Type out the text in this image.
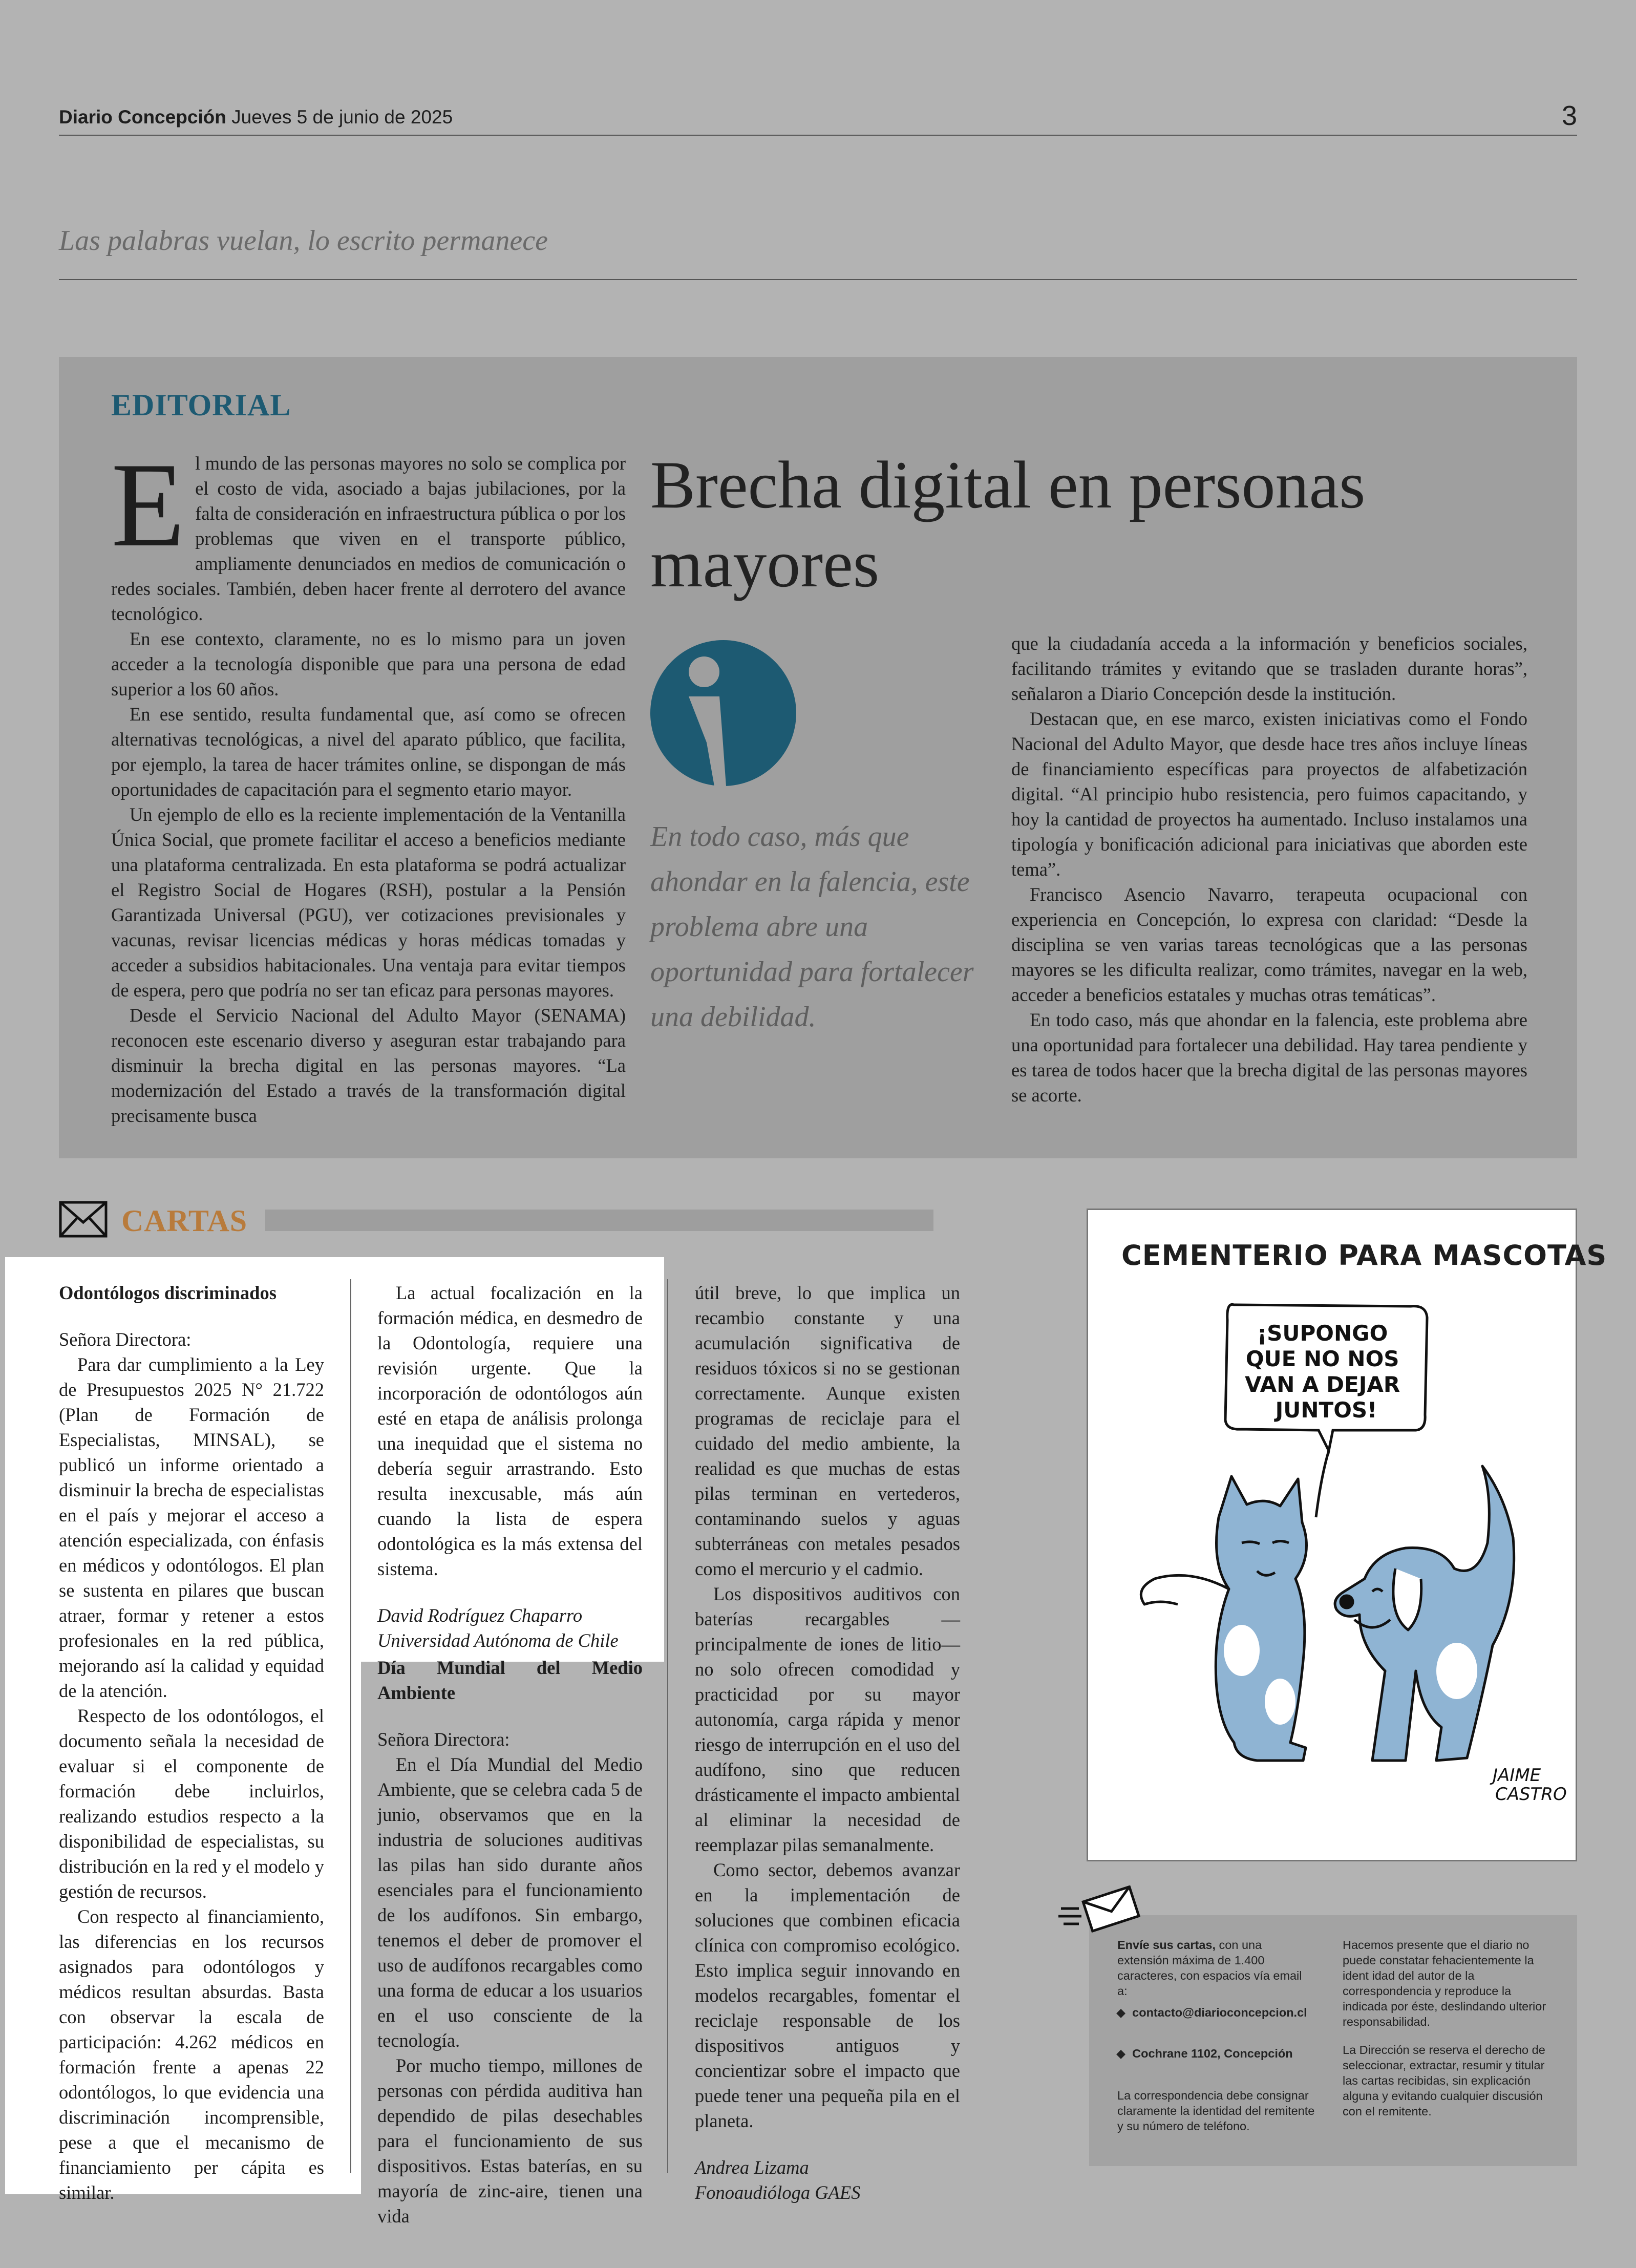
Diario Concepción Jueves 5 de junio de 2025	3
Las palabras vuelan, lo escrito permanece
EDITORIAL
E l mundo de las personas mayores no solo se complica por el costo de vida, asociado a bajas jubilaciones, por la falta de consideración en infraestructura pública o por los problemas que viven en el transporte público, ampliamente denunciados en medios de comunicación o redes sociales. También, deben hacer frente al derrotero del avance tecnológico.

En ese contexto, claramente, no es lo mismo para un joven acceder a la tecnología disponible que para una persona de edad superior a los 60 años.

En ese sentido, resulta fundamental que, así como se ofrecen alternativas tecnológicas, a nivel del aparato público, que facilita, por ejemplo, la tarea de hacer trámites online, se dispongan de más oportunidades de capacitación para el segmento etario mayor.

Un ejemplo de ello es la reciente implementación de la Ventanilla Única Social, que promete facilitar el acceso a beneficios mediante una plataforma centralizada. En esta plataforma se podrá actualizar el Registro Social de Hogares (RSH), postular a la Pensión Garantizada Universal (PGU), ver cotizaciones previsionales y vacunas, revisar licencias médicas y horas médicas tomadas y acceder a subsidios habitacionales. Una ventaja para evitar tiempos de espera, pero que podría no ser tan eficaz para personas mayores.

Desde el Servicio Nacional del Adulto Mayor (SENAMA) reconocen este escenario diverso y aseguran estar trabajando para disminuir la brecha digital en las personas mayores. “La modernización del Estado a través de la transformación digital precisamente busca

Brecha digital en personas mayores
En todo caso, más que ahondar en la falencia, este problema abre una oportunidad para fortalecer una debilidad.

que la ciudadanía acceda a la información y beneficios sociales, facilitando trámites y evitando que se trasladen durante horas”, señalaron a Diario Concepción desde la institución.

Destacan que, en ese marco, existen iniciativas como el Fondo Nacional del Adulto Mayor, que desde hace tres años incluye líneas de financiamiento específicas para proyectos de alfabetización digital. “Al principio hubo resistencia, pero fuimos capacitando, y hoy la cantidad de proyectos ha aumentado. Incluso instalamos una tipología y bonificación adicional para iniciativas que aborden este tema”.

Francisco Asencio Navarro, terapeuta ocupacional con experiencia en Concepción, lo expresa con claridad: “Desde la disciplina se ven varias tareas tecnológicas que a las personas mayores se les dificulta realizar, como trámites, navegar en la web, acceder a beneficios estatales y muchas otras temáticas”.

En todo caso, más que ahondar en la falencia, este problema abre una oportunidad para fortalecer una debilidad. Hay tarea pendiente y es tarea de todos hacer que la brecha digital de las personas mayores se acorte.

CARTAS
Odontólogos discriminados

Señora Directora:

Para dar cumplimiento a la Ley de Presupuestos 2025 N° 21.722 (Plan de Formación de Especialistas, MINSAL), se publicó un informe orientado a disminuir la brecha de especialistas en el país y mejorar el acceso a atención especializada, con énfasis en médicos y odontólogos. El plan se sustenta en pilares que buscan atraer, formar y retener a estos profesionales en la red pública, mejorando así la calidad y equidad de la atención.

Respecto de los odontólogos, el documento señala la necesidad de evaluar si el componente de formación debe incluirlos, realizando estudios respecto a la disponibilidad de especialistas, su distribución en la red y el modelo y gestión de recursos.

Con respecto al financiamiento, las diferencias en los recursos asignados para odontólogos y médicos resultan absurdas. Basta con observar la escala de participación: 4.262 médicos en formación frente a apenas 22 odontólogos, lo que evidencia una discriminación incomprensible, pese a que el mecanismo de financiamiento per cápita es similar.

La actual focalización en la formación médica, en desmedro de la Odontología, requiere una revisión urgente. Que la incorporación de odontólogos aún esté en etapa de análisis prolonga una inequidad que el sistema no debería seguir arrastrando. Esto resulta inexcusable, más aún cuando la lista de espera odontológica es la más extensa del sistema.

David Rodríguez Chaparro

Universidad Autónoma de Chile

Día Mundial del Medio Ambiente

Señora Directora:

En el Día Mundial del Medio Ambiente, que se celebra cada 5 de junio, observamos que en la industria de soluciones auditivas las pilas han sido durante años esenciales para el funcionamiento de los audífonos. Sin embargo, tenemos el deber de promover el uso de audífonos recargables como una forma de educar a los usuarios en el uso consciente de la tecnología.

Por mucho tiempo, millones de personas con pérdida auditiva han dependido de pilas desechables para el funcionamiento de sus dispositivos. Estas baterías, en su mayoría de zinc-aire, tienen una vida

útil breve, lo que implica un recambio constante y una acumulación significativa de residuos tóxicos si no se gestionan correctamente. Aunque existen programas de reciclaje para el cuidado del medio ambiente, la realidad es que muchas de estas pilas terminan en vertederos, contaminando suelos y aguas subterráneas con metales pesados como el mercurio y el cadmio.

Los dispositivos auditivos con baterías recargables —principalmente de iones de litio— no solo ofrecen comodidad y practicidad por su mayor autonomía, carga rápida y menor riesgo de interrupción en el uso del audífono, sino que reducen drásticamente el impacto ambiental al eliminar la necesidad de reemplazar pilas semanalmente.

Como sector, debemos avanzar en la implementación de soluciones que combinen eficacia clínica con compromiso ecológico. Esto implica seguir innovando en modelos recargables, fomentar el reciclaje responsable de los dispositivos antiguos y concientizar sobre el impacto que puede tener una pequeña pila en el planeta.

Andrea Lizama

Fonoaudióloga GAES

CEMENTERIO PARA MASCOTAS
¡SUPONGO QUE NO NOS VAN A DEJAR JUNTOS!
JAIME CASTRO
Envíe sus cartas, con una extensión máxima de 1.400 caracteres, con espacios vía email a:
◆ contacto@diarioconcepcion.cl
◆ Cochrane 1102, Concepción
La correspondencia debe consignar claramente la identidad del remitente y su número de teléfono.
Hacemos presente que el diario no puede constatar fehacientemente la ident idad del autor de la correspondencia y reproduce la indicada por éste, deslindando ulterior responsabilidad.
La Dirección se reserva el derecho de seleccionar, extractar, resumir y titular las cartas recibidas, sin explicación alguna y evitando cualquier discusión con el remitente.
